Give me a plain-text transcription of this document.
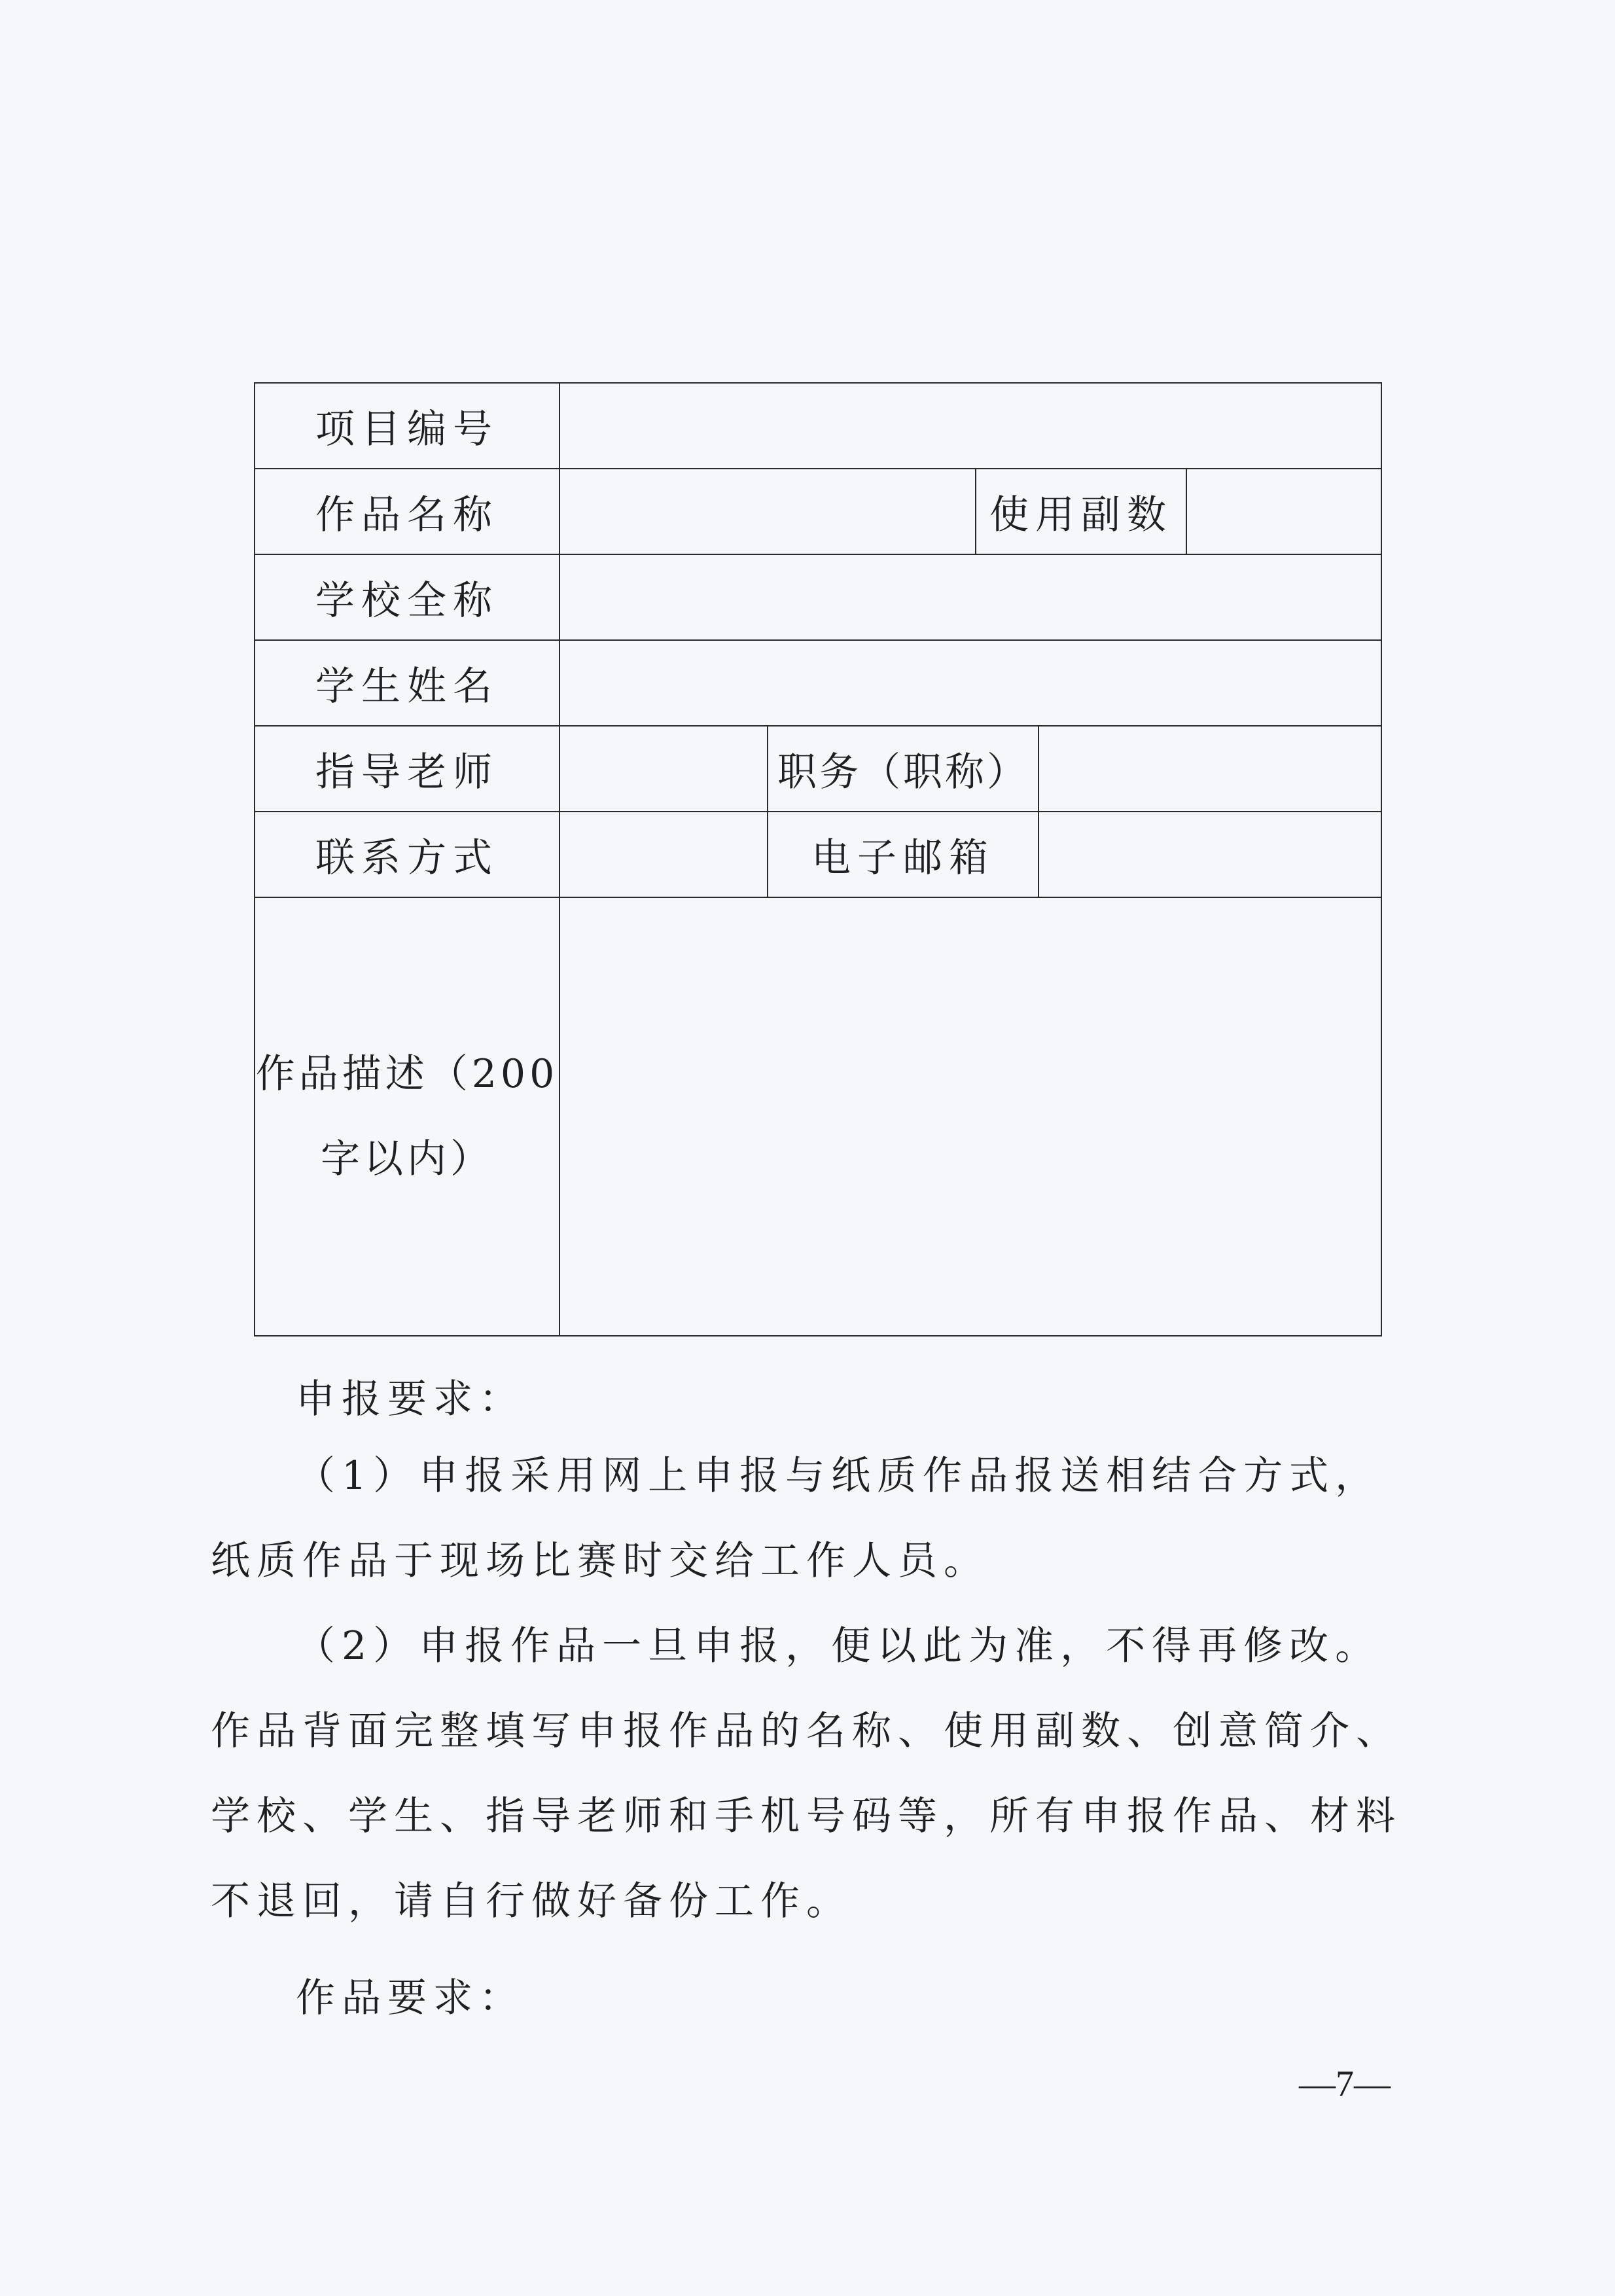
项目编号					
作品名称			使用副数		
学校全称					
学生姓名					
指导老师		职务（职称）			
联系方式		电子邮箱			

作品描述（200
字以内）					

申报要求：

（1）申报采用网上申报与纸质作品报送相结合方式，纸质作品于现场比赛时交给工作人员。

（2）申报作品一旦申报，便以此为准，不得再修改。作品背面完整填写申报作品的名称、使用副数、创意简介、学校、学生、指导老师和手机号码等，所有申报作品、材料不退回，请自行做好备份工作。

作品要求：

—7—
